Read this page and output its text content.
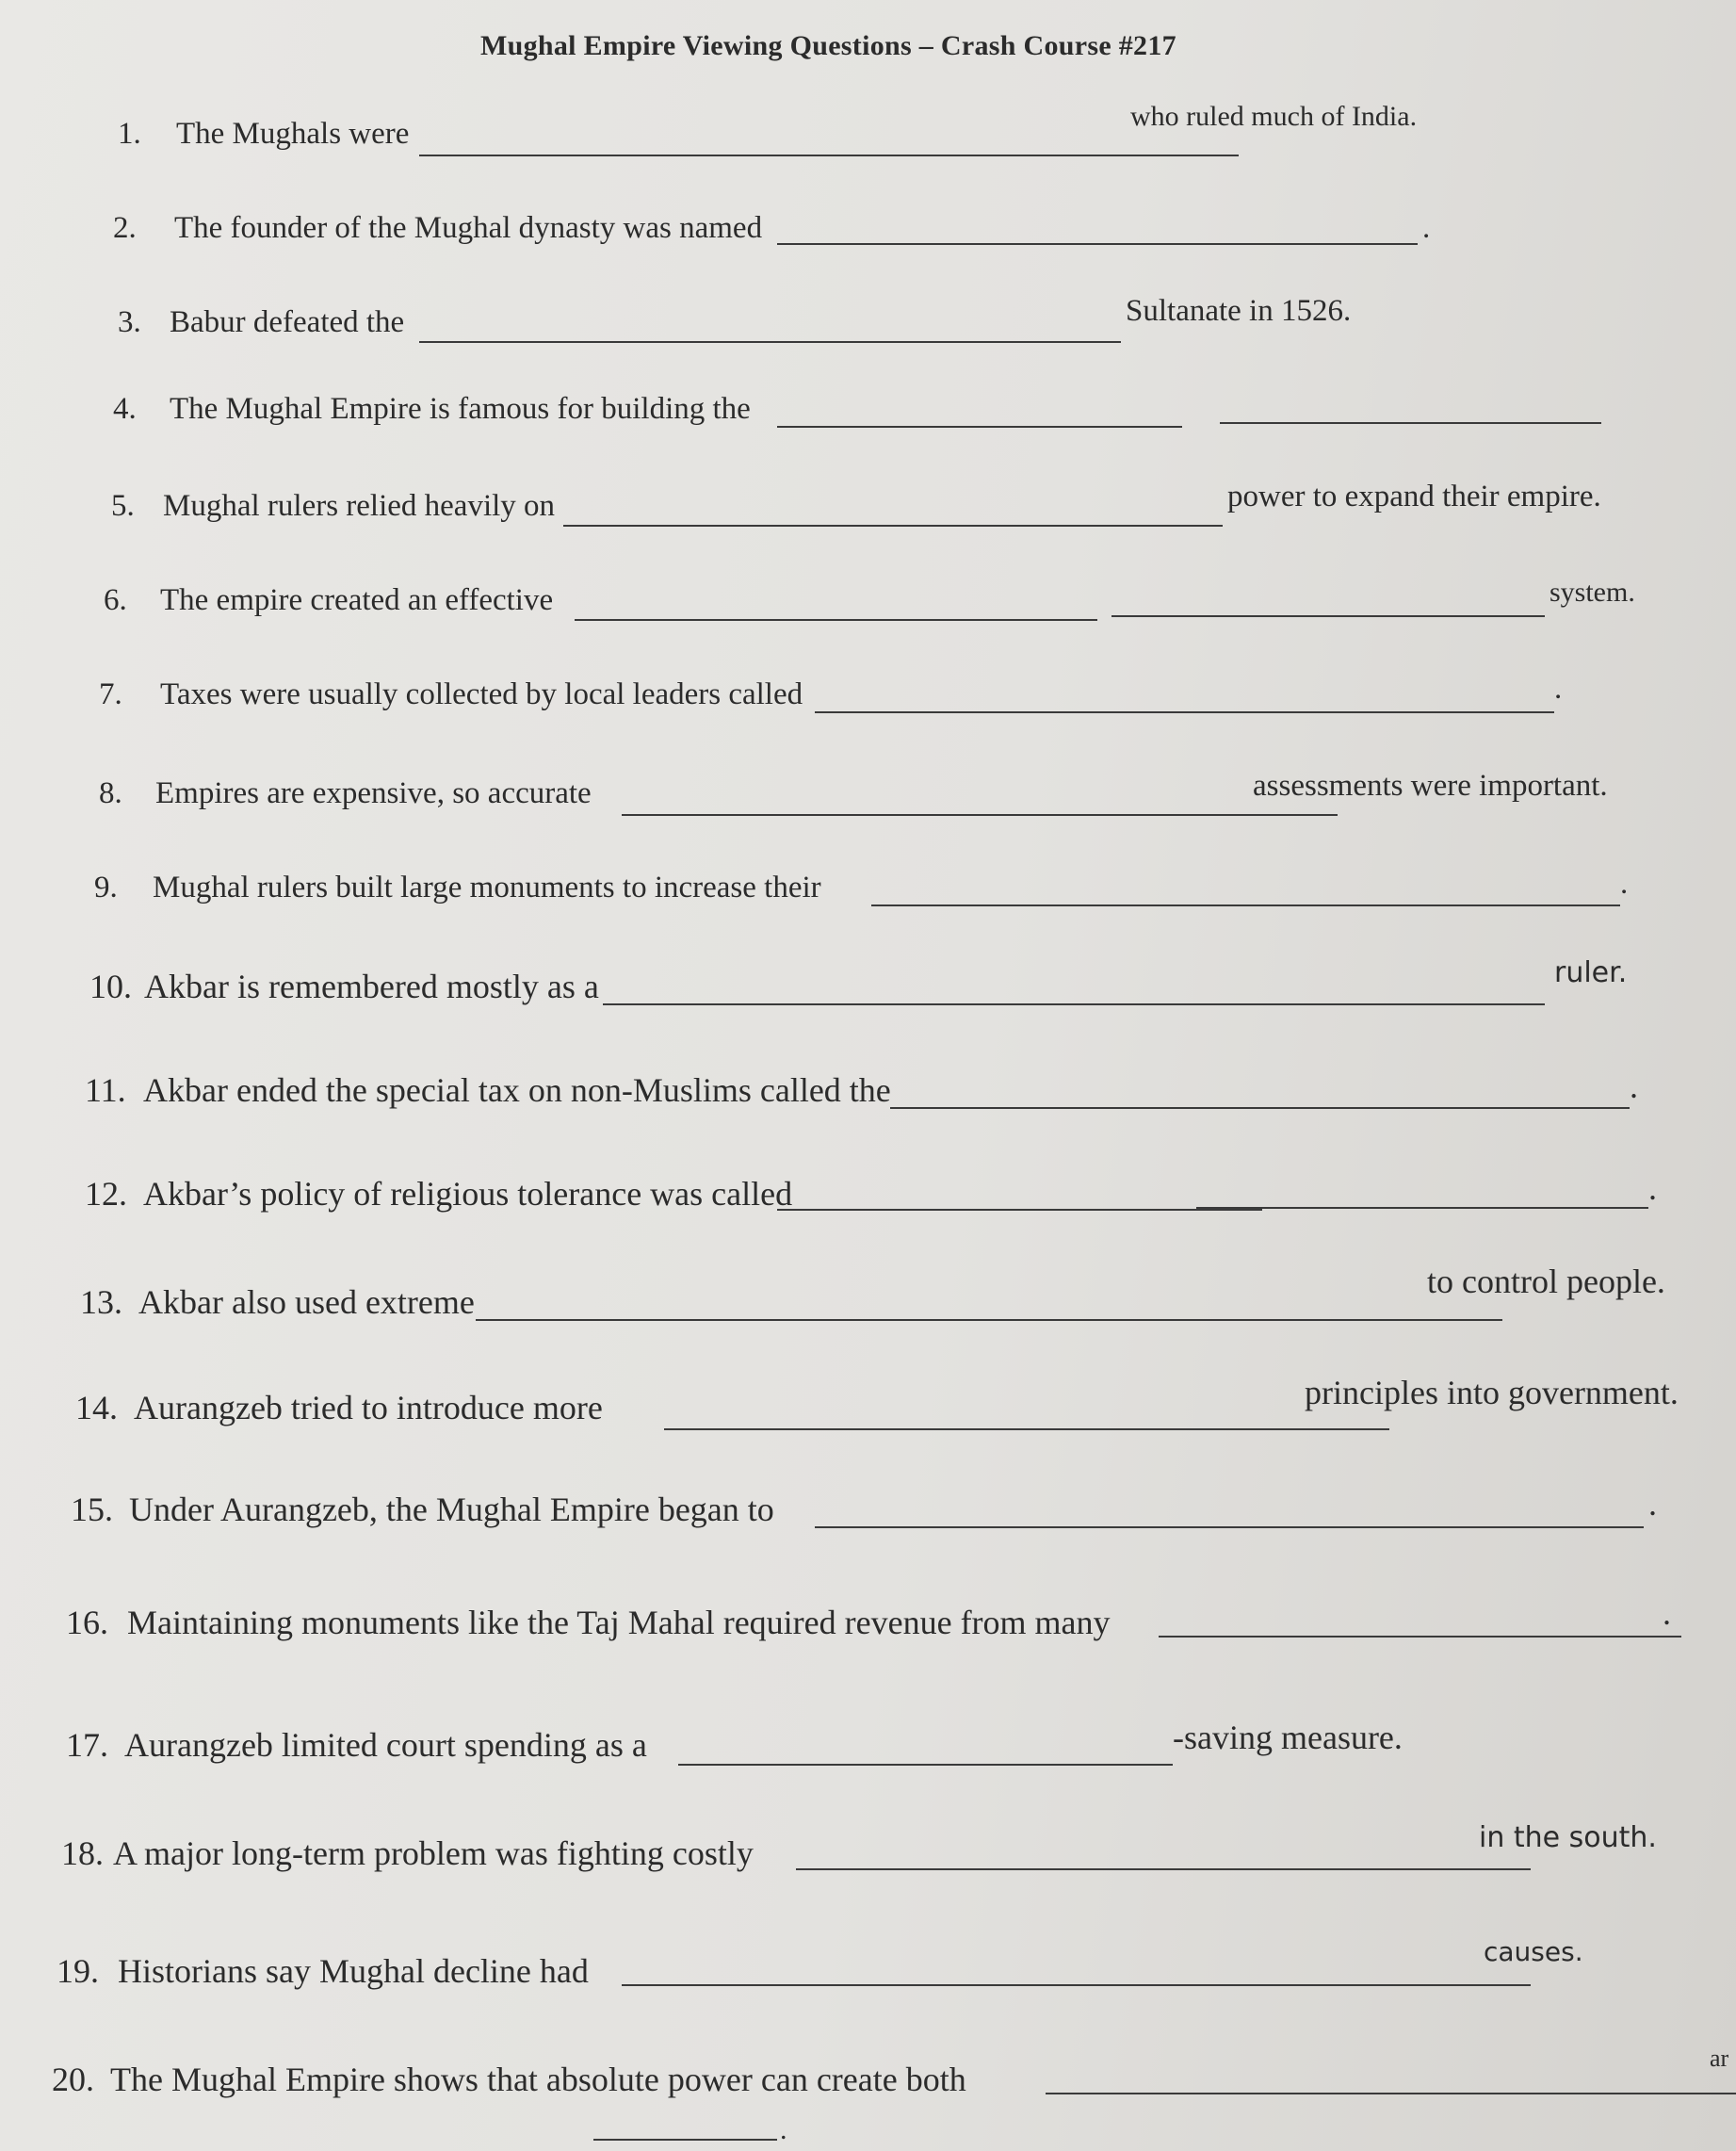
Mughal Empire Viewing Questions – Crash Course #217
1. The Mughals were
who ruled much of India.
2. The founder of the Mughal dynasty was named	.
3. Babur defeated the	Sultanate in 1526.
4. The Mughal Empire is famous for building the
5. Mughal rulers relied heavily on	power to expand their empire.
6. The empire created an effective	system.
7. Taxes were usually collected by local leaders called	.
8. Empires are expensive, so accurate	assessments were important.
9. Mughal rulers built large monuments to increase their	.
10. Akbar is remembered mostly as a	ruler.
11. Akbar ended the special tax on non-Muslims called the	.
12. Akbar’s policy of religious tolerance was called	.
13. Akbar also used extreme
to control people.
14. Aurangzeb tried to introduce more	principles into government.
15. Under Aurangzeb, the Mughal Empire began to	.
16. Maintaining monuments like the Taj Mahal required revenue from many	.
17. Aurangzeb limited court spending as a	-saving measure.
18. A major long-term problem was fighting costly	in the south.
19. Historians say Mughal decline had
causes.
20. The Mughal Empire shows that absolute power can create both
ar
.
